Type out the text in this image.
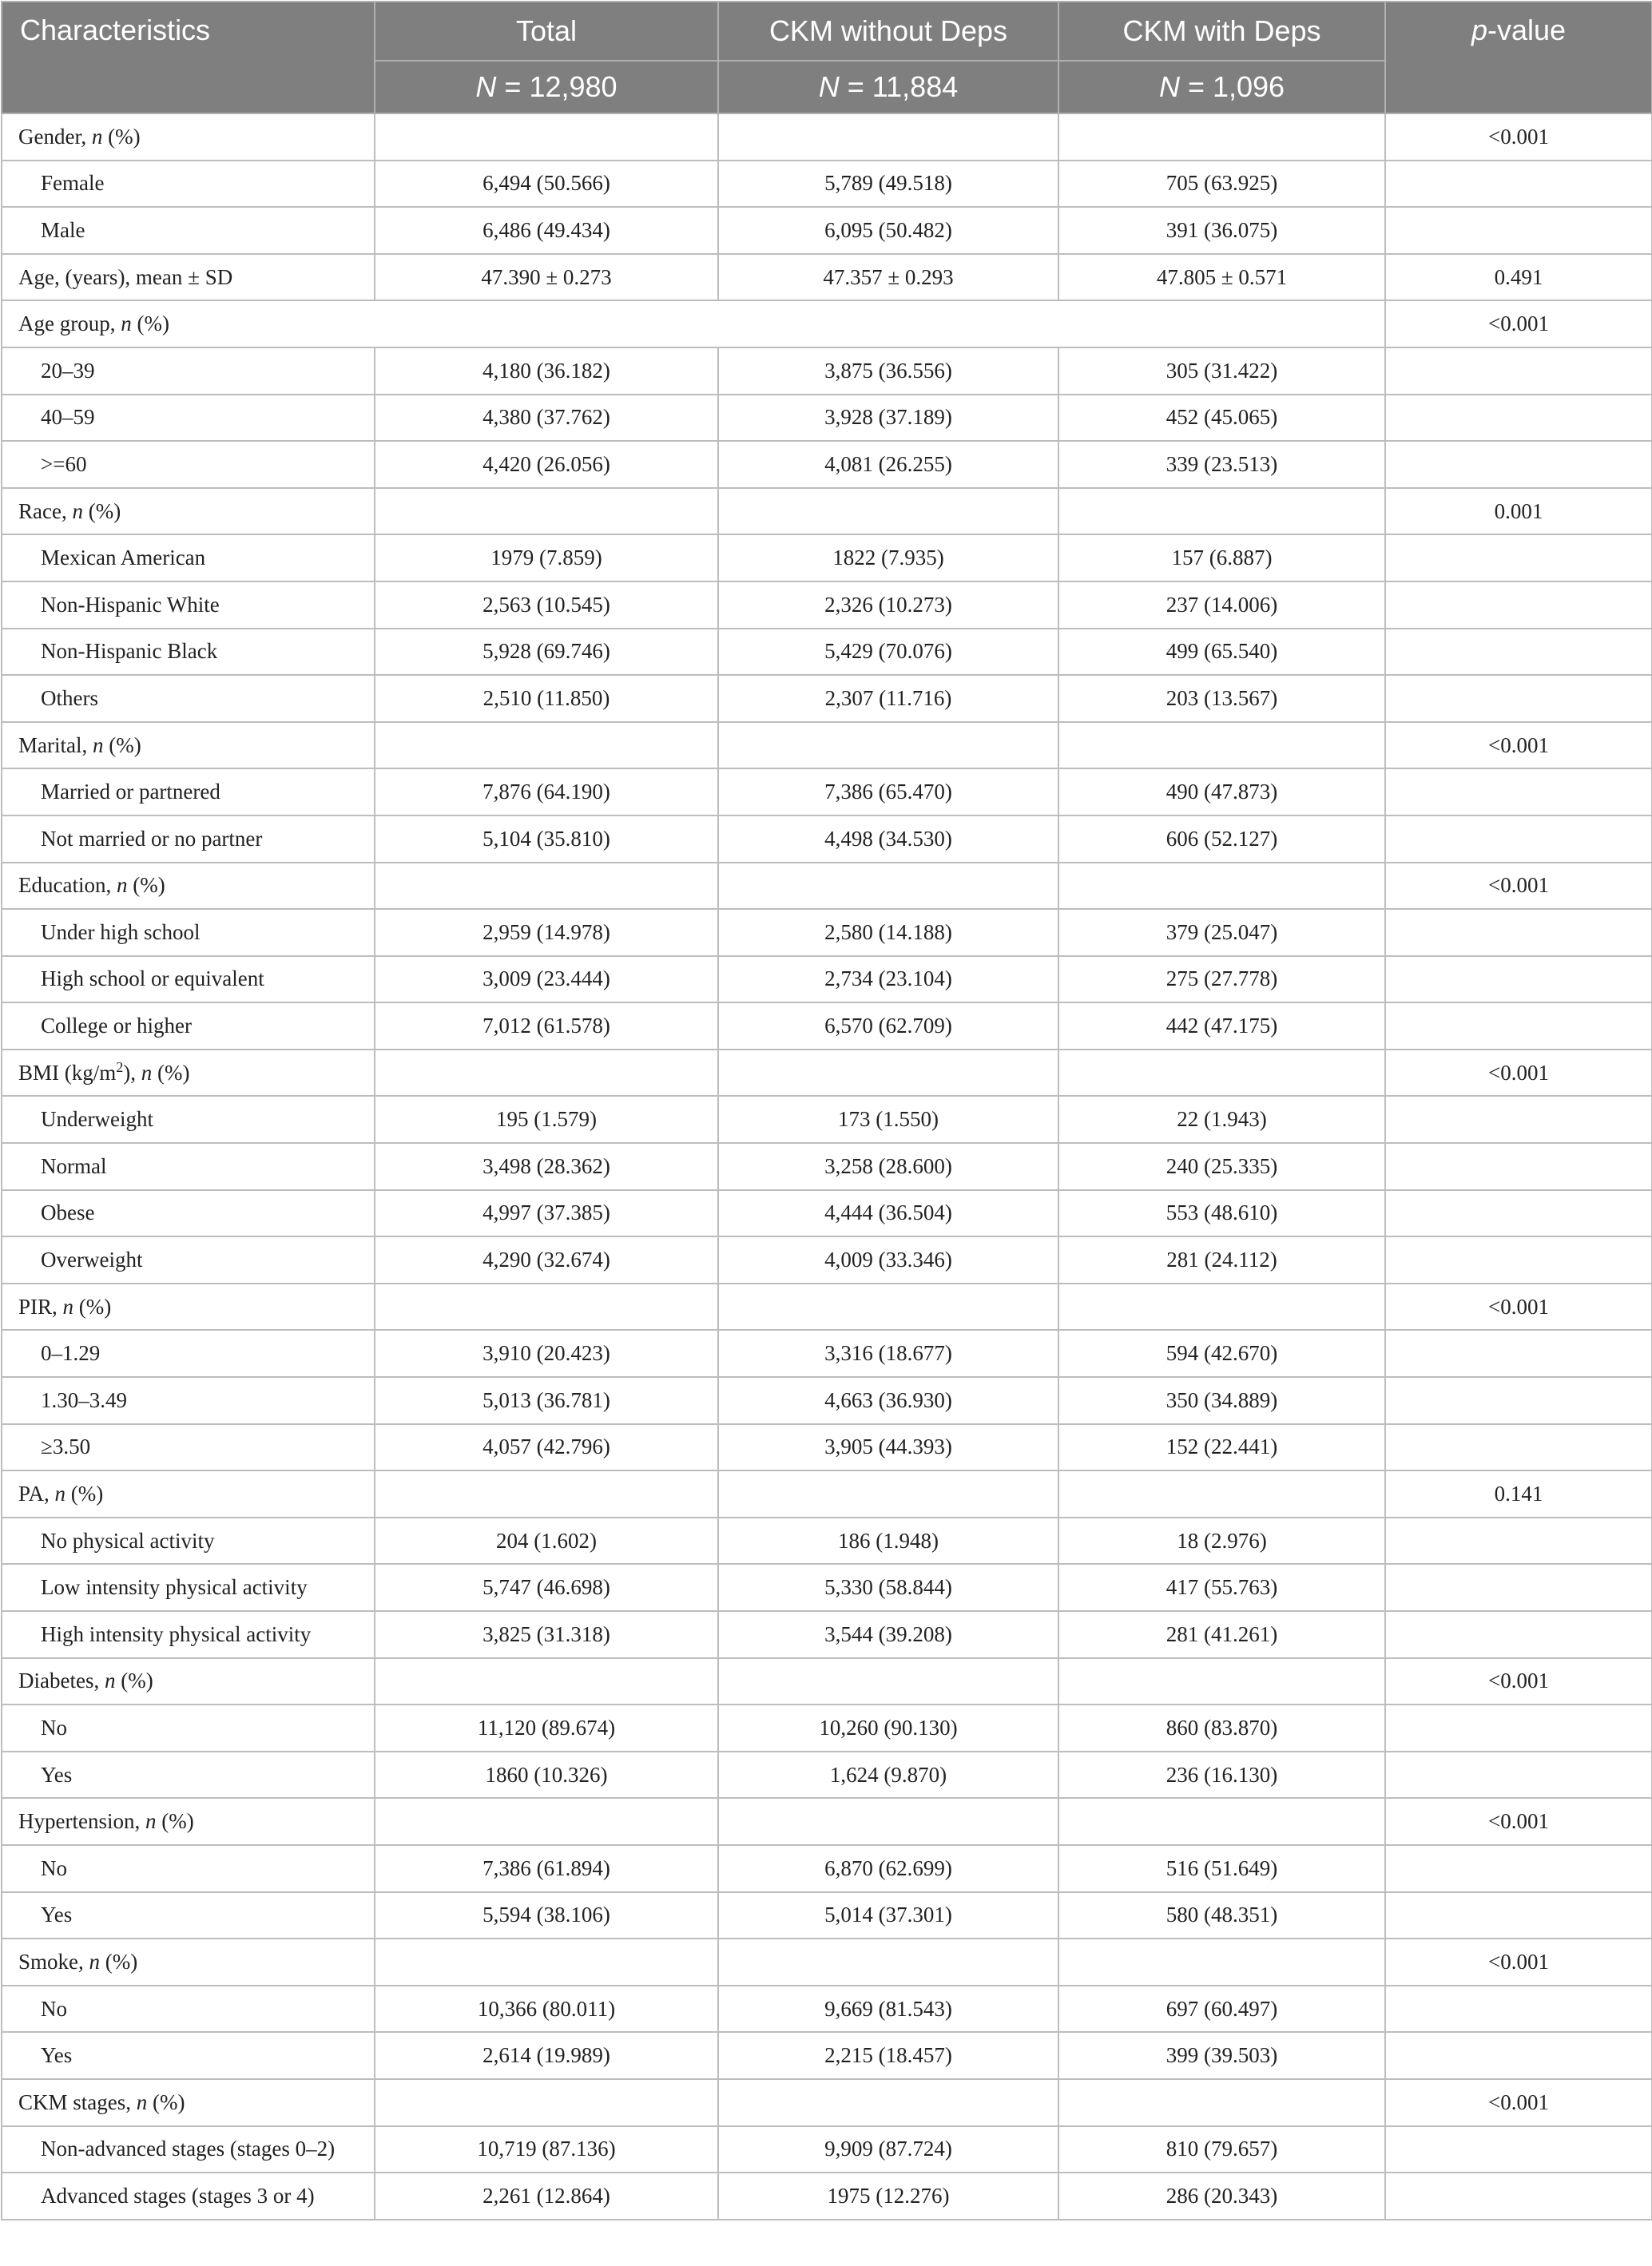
Characteristics	Total	CKM without Deps	CKM with Deps	p-value
	N = 12,980	N = 11,884	N = 1,096	
Gender, n (%)				<0.001
Female	6,494 (50.566)	5,789 (49.518)	705 (63.925)	
Male	6,486 (49.434)	6,095 (50.482)	391 (36.075)	
Age, (years), mean ± SD	47.390 ± 0.273	47.357 ± 0.293	47.805 ± 0.571	0.491
Age group, n (%)				<0.001
20–39	4,180 (36.182)	3,875 (36.556)	305 (31.422)	
40–59	4,380 (37.762)	3,928 (37.189)	452 (45.065)	
>=60	4,420 (26.056)	4,081 (26.255)	339 (23.513)	
Race, n (%)				0.001
Mexican American	1979 (7.859)	1822 (7.935)	157 (6.887)	
Non-Hispanic White	2,563 (10.545)	2,326 (10.273)	237 (14.006)	
Non-Hispanic Black	5,928 (69.746)	5,429 (70.076)	499 (65.540)	
Others	2,510 (11.850)	2,307 (11.716)	203 (13.567)	
Marital, n (%)				<0.001
Married or partnered	7,876 (64.190)	7,386 (65.470)	490 (47.873)	
Not married or no partner	5,104 (35.810)	4,498 (34.530)	606 (52.127)	
Education, n (%)				<0.001
Under high school	2,959 (14.978)	2,580 (14.188)	379 (25.047)	
High school or equivalent	3,009 (23.444)	2,734 (23.104)	275 (27.778)	
College or higher	7,012 (61.578)	6,570 (62.709)	442 (47.175)	
BMI $(kg/m^2)$, n (%)				<0.001
Underweight	195 (1.579)	173 (1.550)	22 (1.943)	
Normal	3,498 (28.362)	3,258 (28.600)	240 (25.335)	
Obese	4,997 (37.385)	4,444 (36.504)	553 (48.610)	
Overweight	4,290 (32.674)	4,009 (33.346)	281 (24.112)	
PIR, n (%)				<0.001
0–1.29	3,910 (20.423)	3,316 (18.677)	594 (42.670)	
1.30–3.49	5,013 (36.781)	4,663 (36.930)	350 (34.889)	
≥3.50	4,057 (42.796)	3,905 (44.393)	152 (22.441)	
PA, n (%)				0.141
No physical activity	204 (1.602)	186 (1.948)	18 (2.976)	
Low intensity physical activity	5,747 (46.698)	5,330 (58.844)	417 (55.763)	
High intensity physical activity	3,825 (31.318)	3,544 (39.208)	281 (41.261)	
Diabetes, n (%)				<0.001
No	11,120 (89.674)	10,260 (90.130)	860 (83.870)	
Yes	1860 (10.326)	1,624 (9.870)	236 (16.130)	
Hypertension, n (%)				<0.001
No	7,386 (61.894)	6,870 (62.699)	516 (51.649)	
Yes	5,594 (38.106)	5,014 (37.301)	580 (48.351)	
Smoke, n (%)				<0.001
No	10,366 (80.011)	9,669 (81.543)	697 (60.497)	
Yes	2,614 (19.989)	2,215 (18.457)	399 (39.503)	
CKM stages, n (%)				<0.001
Non-advanced stages (stages 0–2)	10,719 (87.136)	9,909 (87.724)	810 (79.657)	
Advanced stages (stages 3 or 4)	2,261 (12.864)	1975 (12.276)	286 (20.343)	
